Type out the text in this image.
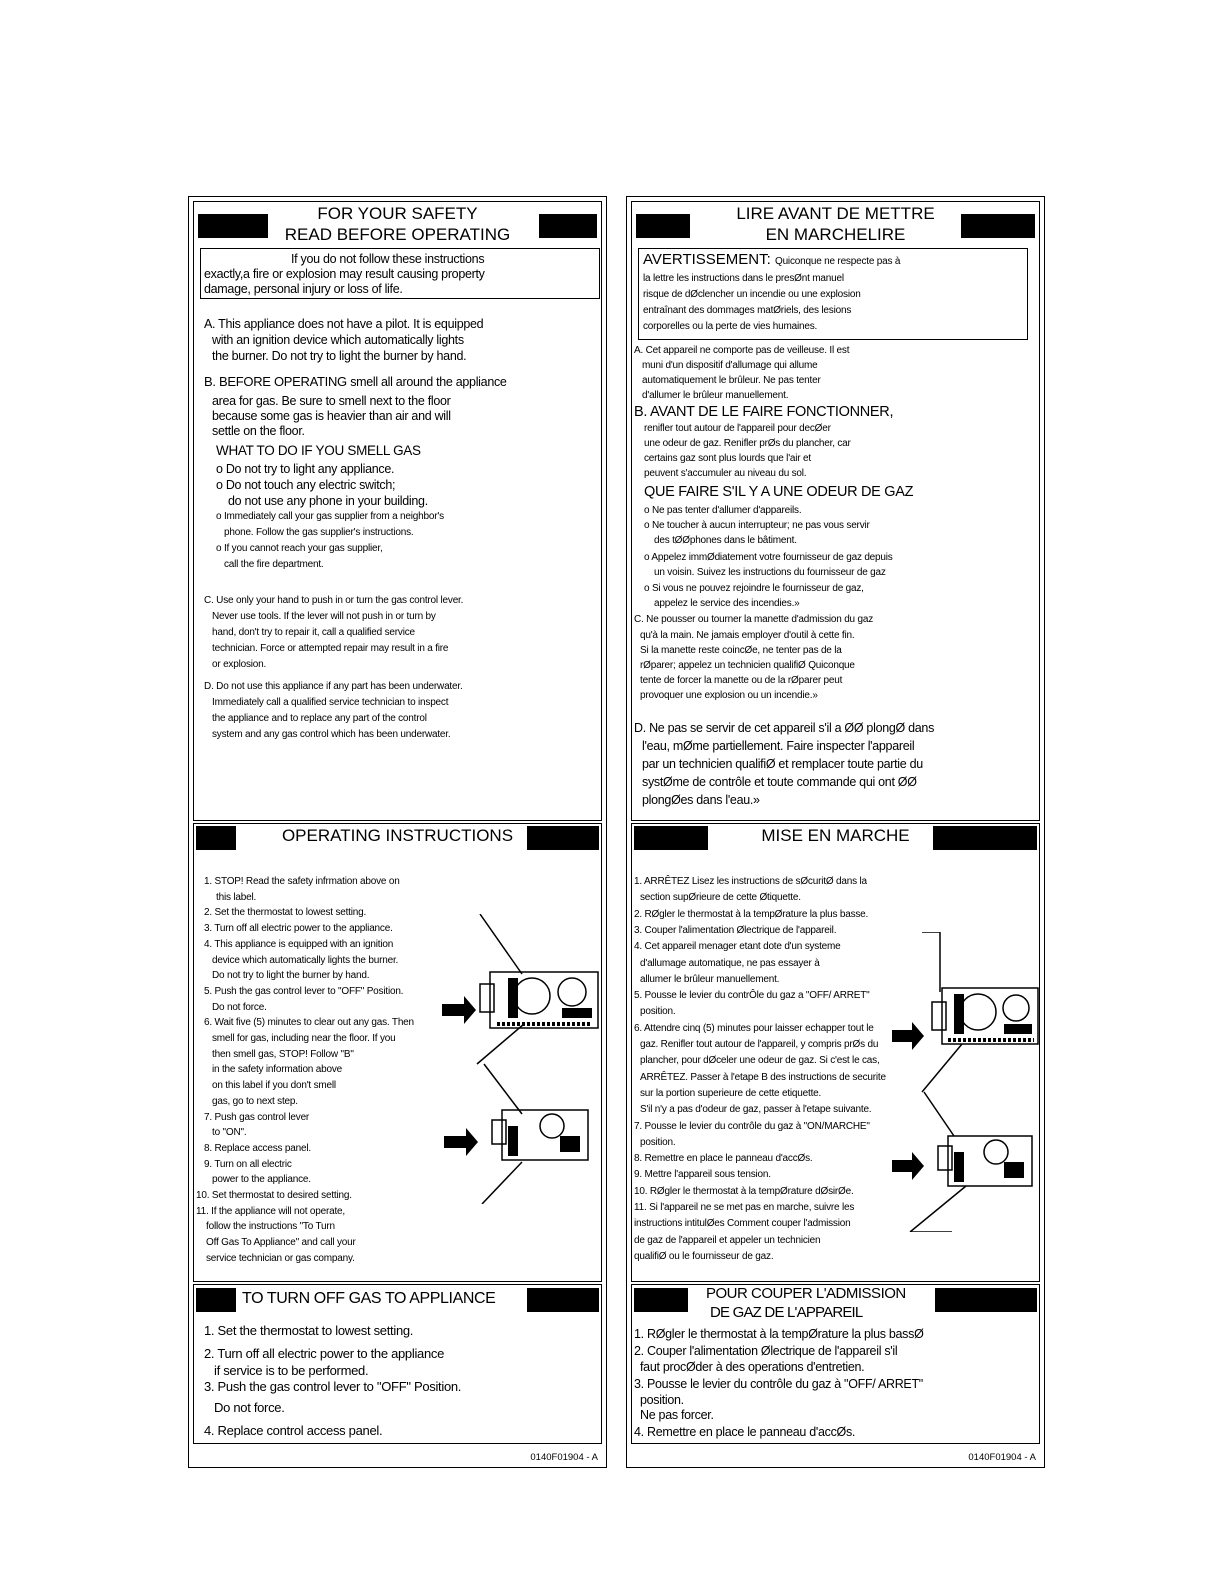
FOR YOUR SAFETY
READ BEFORE OPERATING
If you do not follow these instructions
exactly,a fire or explosion may result causing property
damage, personal injury or loss of life.
A. This appliance does not have a pilot. It is equipped
with an ignition device which automatically lights
the burner. Do not try to light the burner by hand.
B. BEFORE OPERATING smell all around the appliance
area for gas. Be sure to smell next to the floor
because some gas is heavier than air and will
settle on the floor.
WHAT TO DO IF YOU SMELL GAS
o Do not try to light any appliance.
o Do not touch any electric switch;
do not use any phone in your building.
o Immediately call your gas supplier from a neighbor's
phone. Follow the gas supplier's instructions.
o If you cannot reach your gas supplier,
call the fire department.
C. Use only your hand to push in or turn the gas control lever.
Never use tools. If the lever will not push in or turn by
hand, don't try to repair it, call a qualified service
technician. Force or attempted repair may result in a fire
or explosion.
D. Do not use this appliance if any part has been underwater.
Immediately call a qualified service technician to inspect
the appliance and to replace any part of the control
system and any gas control which has been underwater.
OPERATING INSTRUCTIONS
1. STOP! Read the safety infrmation above on
this label.
2. Set the thermostat to lowest setting.
3. Turn off all electric power to the appliance.
4. This appliance is equipped with an ignition
device which automatically lights the burner.
Do not try to light the burner by hand.
5. Push the gas control lever to "OFF" Position.
Do not force.
6. Wait five (5) minutes to clear out any gas. Then
smell for gas, including near the floor. If you
then smell gas, STOP! Follow "B"
in the safety information above
on this label if you don't smell
gas, go to next step.
7. Push gas control lever
to "ON".
8. Replace access panel.
9. Turn on all electric
power to the appliance.
10. Set thermostat to desired setting.
11. If the appliance will not operate,
follow the instructions "To Turn
Off Gas To Appliance" and call your
service technician or gas company.
TO TURN OFF GAS TO APPLIANCE
1. Set the thermostat to lowest setting.
2. Turn off all electric power to the appliance
if service is to be performed.
3. Push the gas control lever to "OFF" Position.
Do not force.
4. Replace control access panel.
0140F01904 - A
LIRE AVANT DE METTRE
EN MARCHELIRE
AVERTISSEMENT: Quiconque ne respecte pas à
la lettre les instructions dans le presØnt manuel
risque de dØclencher un incendie ou une explosion
entraînant des dommages matØriels, des lesions
corporelles ou la perte de vies humaines.
A. Cet appareil ne comporte pas de veilleuse. Il est
muni d'un dispositif d'allumage qui allume
automatiquement le brûleur. Ne pas tenter
d'allumer le brûleur manuellement.
B. AVANT DE LE FAIRE FONCTIONNER,
renifler tout autour de l'appareil pour decØer
une odeur de gaz. Renifler prØs du plancher, car
certains gaz sont plus lourds que l'air et
peuvent s'accumuler au niveau du sol.
QUE FAIRE S'IL Y A UNE ODEUR DE GAZ
o Ne pas tenter d'allumer d'appareils.
o Ne toucher à aucun interrupteur; ne pas vous servir
des tØØphones dans le bâtiment.
o Appelez immØdiatement votre fournisseur de gaz depuis
un voisin. Suivez les instructions du fournisseur de gaz
o Si vous ne pouvez rejoindre le fournisseur de gaz,
appelez le service des incendies.»
C. Ne pousser ou tourner la manette d'admission du gaz
qu'à la main. Ne jamais employer d'outil à cette fin.
Si la manette reste coincØe, ne tenter pas de la
rØparer; appelez un technicien qualifiØ Quiconque
tente de forcer la manette ou de la rØparer peut
provoquer une explosion ou un incendie.»
D. Ne pas se servir de cet appareil s'il a ØØ plongØ dans
l'eau, mØme partiellement. Faire inspecter l'appareil
par un technicien qualifiØ et remplacer toute partie du
systØme de contrôle et toute commande qui ont ØØ
plongØes dans l'eau.»
MISE EN MARCHE
1. ARRÊTEZ Lisez les instructions de sØcuritØ dans la
section supØrieure de cette Øtiquette.
2. RØgler le thermostat à la tempØrature la plus basse.
3. Couper l'alimentation Ølectrique de l'appareil.
4. Cet appareil menager etant dote d'un systeme
d'allumage automatique, ne pas essayer à
allumer le brûleur manuellement.
5. Pousse le levier du contrÔle du gaz a "OFF/ ARRET"
position.
6. Attendre cinq (5) minutes pour laisser echapper tout le
gaz. Renifler tout autour de l'appareil, y compris prØs du
plancher, pour dØceler une odeur de gaz. Si c'est le cas,
ARRÊTEZ. Passer à l'etape B des instructions de securite
sur la portion superieure de cette etiquette.
S'il n'y a pas d'odeur de gaz, passer à l'etape suivante.
7. Pousse le levier du contrôle du gaz à "ON/MARCHE"
position.
8. Remettre en place le panneau d'accØs.
9. Mettre l'appareil sous tension.
10. RØgler le thermostat à la tempØrature dØsirØe.
11. Si l'appareil ne se met pas en marche, suivre les
instructions intitulØes Comment couper l'admission
de gaz de l'appareil et appeler un technicien
qualifiØ ou le fournisseur de gaz.
POUR COUPER L'ADMISSION
DE GAZ DE L'APPAREIL
1. RØgler le thermostat à la tempØrature la plus bassØ
2. Couper l'alimentation Ølectrique de l'appareil s'il
faut procØder à des operations d'entretien.
3. Pousse le levier du contrôle du gaz à "OFF/ ARRET"
position.
Ne pas forcer.
4. Remettre en place le panneau d'accØs.
0140F01904 - A
